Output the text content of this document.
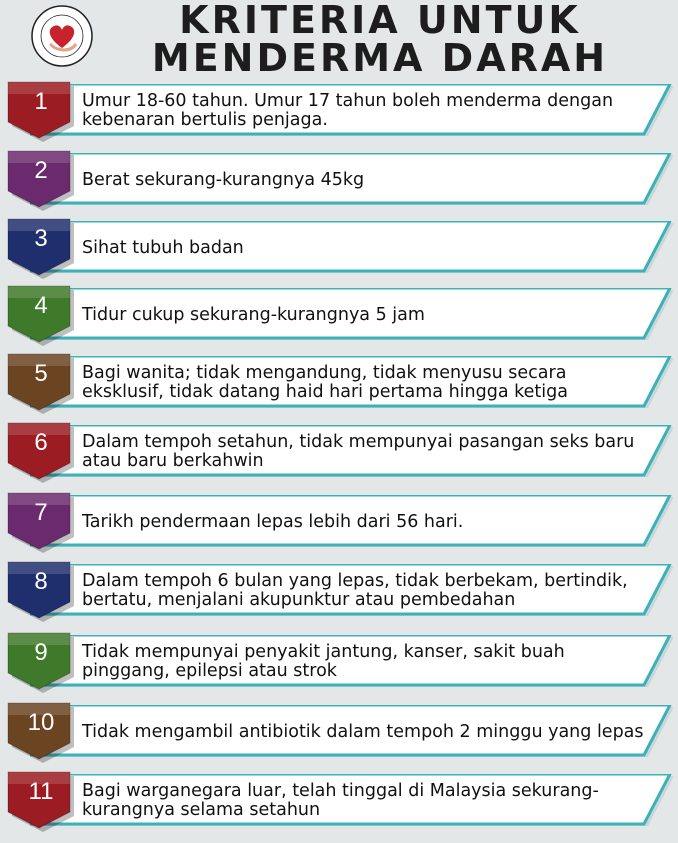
KRITERIA UNTUK
MENDERMA DARAH
1	Umur 18-60 tahun. Umur 17 tahun boleh menderma dengan kebenaran bertulis penjaga.
2	Berat sekurang-kurangnya 45kg
3	Sihat tubuh badan
4	Tidur cukup sekurang-kurangnya 5 jam
5	Bagi wanita; tidak mengandung, tidak menyusu secara eksklusif, tidak datang haid hari pertama hingga ketiga
6	Dalam tempoh setahun, tidak mempunyai pasangan seks baru atau baru berkahwin
7	Tarikh pendermaan lepas lebih dari 56 hari.
8	Dalam tempoh 6 bulan yang lepas, tidak berbekam, bertindik, bertatu, menjalani akupunktur atau pembedahan
9	Tidak mempunyai penyakit jantung, kanser, sakit buah pinggang, epilepsi atau strok
10	Tidak mengambil antibiotik dalam tempoh 2 minggu yang lepas
11	Bagi warganegara luar, telah tinggal di Malaysia sekurang-kurangnya selama setahun
